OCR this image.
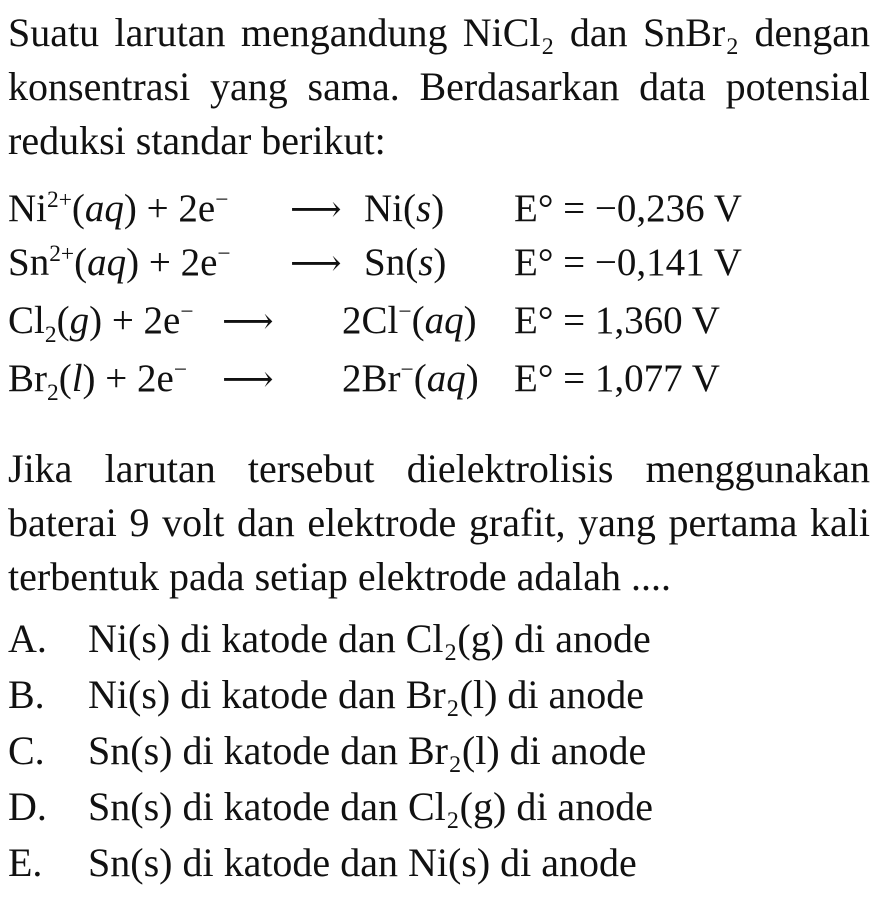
Suatu larutan mengandung NiCl₂ dan SnBr₂ dengan konsentrasi yang sama. Berdasarkan data potensial reduksi standar berikut:
$Ni^{2+}(aq) + 2e^-$ ⟶ Ni(s) E° = −0,236 V
$Sn^{2+}(aq) + 2e^-$ ⟶ Sn(s) E° = −0,141 V
$Cl_2(g) + 2e^-$ ⟶ 2Cl−(aq) E° = 1,360 V
$Br_2(l) + 2e^-$ ⟶ 2Br−(aq) E° = 1,077 V
Jika larutan tersebut dielektrolisis menggunakan baterai 9 volt dan elektrode grafit, yang pertama kali terbentuk pada setiap elektrode adalah ....
A. Ni(s) di katode dan Cl₂(g) di anode
B. Ni(s) di katode dan Br₂(l) di anode
C. Sn(s) di katode dan Br₂(l) di anode
D. Sn(s) di katode dan Cl₂(g) di anode
E. Sn(s) di katode dan Ni(s) di anode
